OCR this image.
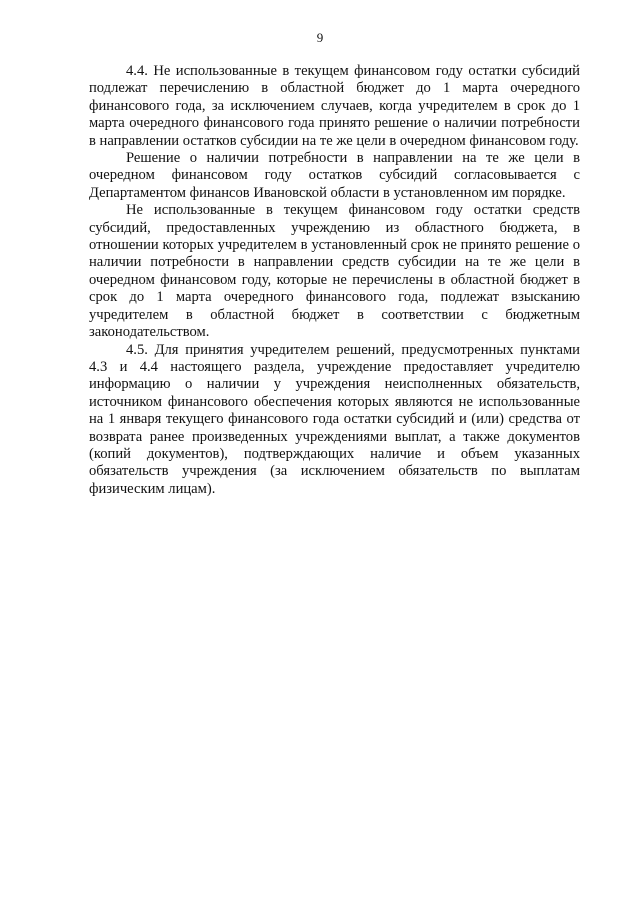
9

4.4. Не использованные в текущем финансовом году остатки субсидий подлежат перечислению в областной бюджет до 1 марта очередного финансового года, за исключением случаев, когда учредителем в срок до 1 марта очередного финансового года принято решение о наличии потребности в направлении остатков субсидии на те же цели в очередном финансовом году.

Решение о наличии потребности в направлении на те же цели в очередном финансовом году остатков субсидий согласовывается с Департаментом финансов Ивановской области в установленном им порядке.

Не использованные в текущем финансовом году остатки средств субсидий, предоставленных учреждению из областного бюджета, в отношении которых учредителем в установленный срок не принято решение о наличии потребности в направлении средств субсидии на те же цели в очередном финансовом году, которые не перечислены в областной бюджет в срок до 1 марта очередного финансового года, подлежат взысканию учредителем в областной бюджет в соответствии с бюджетным законодательством.

4.5. Для принятия учредителем решений, предусмотренных пунктами 4.3 и 4.4 настоящего раздела, учреждение предоставляет учредителю информацию о наличии у учреждения неисполненных обязательств, источником финансового обеспечения которых являются не использованные на 1 января текущего финансового года остатки субсидий и (или) средства от возврата ранее произведенных учреждениями выплат, а также документов (копий документов), подтверждающих наличие и объем указанных обязательств учреждения (за исключением обязательств по выплатам физическим лицам).
